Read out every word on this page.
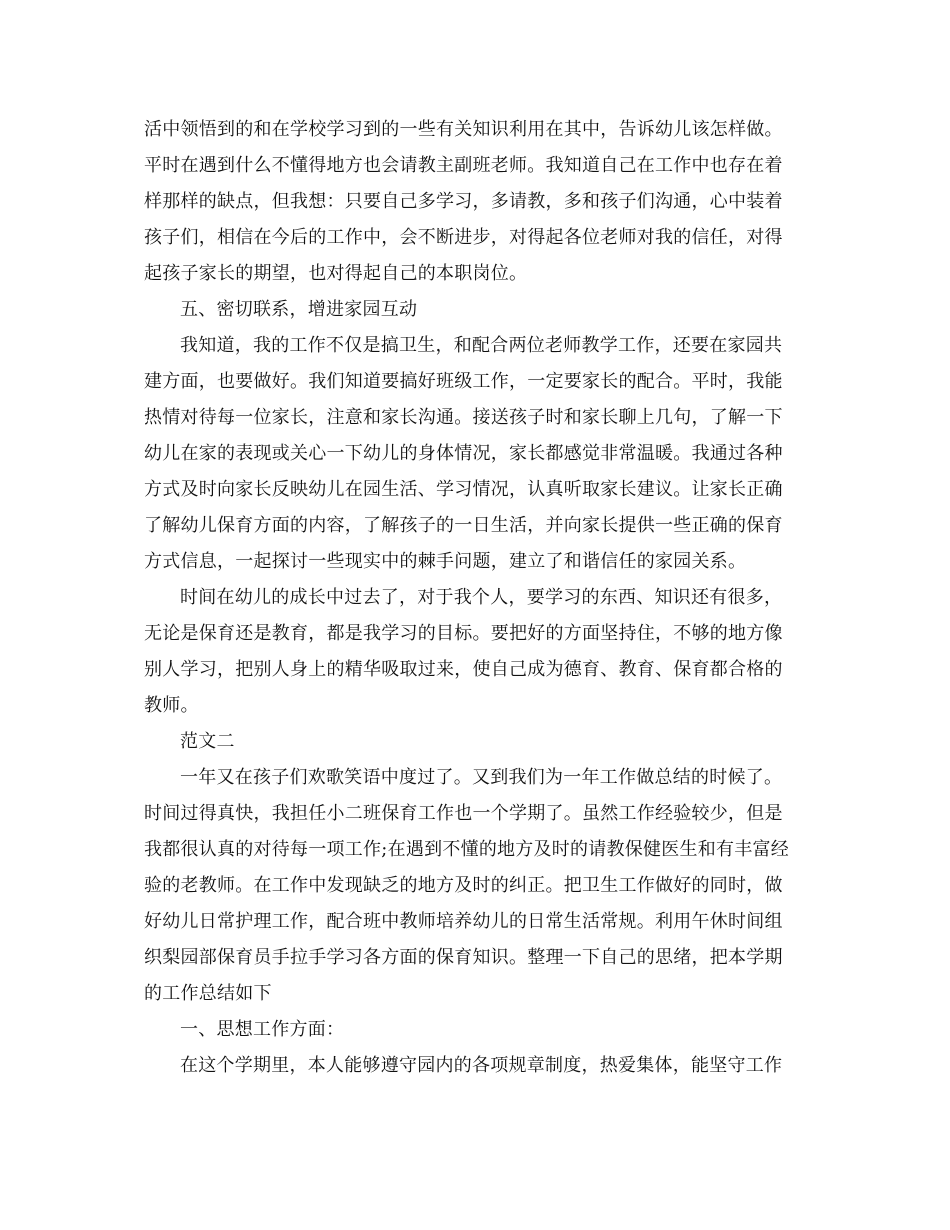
活中领悟到的和在学校学习到的一些有关知识利用在其中，告诉幼儿该怎样做。

平时在遇到什么不懂得地方也会请教主副班老师。我知道自己在工作中也存在着

样那样的缺点，但我想：只要自己多学习，多请教，多和孩子们沟通，心中装着

孩子们，相信在今后的工作中，会不断进步，对得起各位老师对我的信任，对得

起孩子家长的期望，也对得起自己的本职岗位。

五、密切联系，增进家园互动

我知道，我的工作不仅是搞卫生，和配合两位老师教学工作，还要在家园共

建方面，也要做好。我们知道要搞好班级工作，一定要家长的配合。平时，我能

热情对待每一位家长，注意和家长沟通。接送孩子时和家长聊上几句，了解一下

幼儿在家的表现或关心一下幼儿的身体情况，家长都感觉非常温暖。我通过各种

方式及时向家长反映幼儿在园生活、学习情况，认真听取家长建议。让家长正确

了解幼儿保育方面的内容，了解孩子的一日生活，并向家长提供一些正确的保育

方式信息，一起探讨一些现实中的棘手问题，建立了和谐信任的家园关系。

时间在幼儿的成长中过去了，对于我个人，要学习的东西、知识还有很多，

无论是保育还是教育，都是我学习的目标。要把好的方面坚持住，不够的地方像

别人学习，把别人身上的精华吸取过来，使自己成为德育、教育、保育都合格的

教师。

范文二

一年又在孩子们欢歌笑语中度过了。又到我们为一年工作做总结的时候了。

时间过得真快，我担任小二班保育工作也一个学期了。虽然工作经验较少，但是

我都很认真的对待每一项工作;在遇到不懂的地方及时的请教保健医生和有丰富经

验的老教师。在工作中发现缺乏的地方及时的纠正。把卫生工作做好的同时，做

好幼儿日常护理工作，配合班中教师培养幼儿的日常生活常规。利用午休时间组

织梨园部保育员手拉手学习各方面的保育知识。整理一下自己的思绪，把本学期

的工作总结如下

一、思想工作方面：

在这个学期里，本人能够遵守园内的各项规章制度，热爱集体，能坚守工作
